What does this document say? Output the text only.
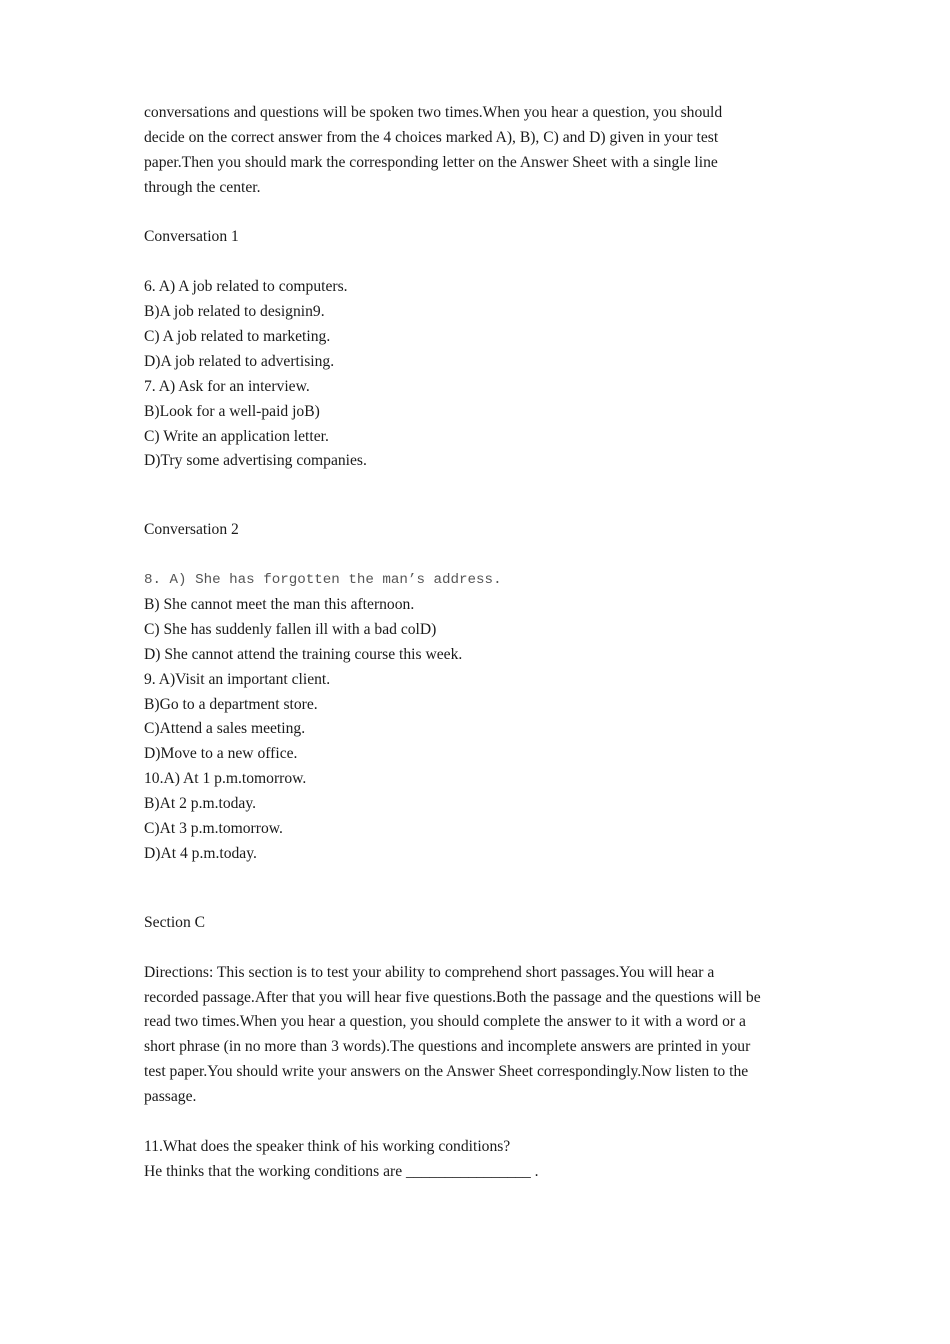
conversations and questions will be spoken two times.When you hear a question, you should
decide on the correct answer from the 4 choices marked A), B), C) and D) given in your test
paper.Then you should mark the corresponding letter on the Answer Sheet with a single line
through the center.
Conversation 1
6. A) A job related to computers.
B)A job related to designin9.
C) A job related to marketing.
D)A job related to advertising.
7. A) Ask for an interview.
B)Look for a well-paid joB)
C) Write an application letter.
D)Try some advertising companies.
Conversation 2
8. A) She has forgotten the man’s address.
B) She cannot meet the man this afternoon.
C) She has suddenly fallen ill with a bad colD)
D) She cannot attend the training course this week.
9. A)Visit an important client.
B)Go to a department store.
C)Attend a sales meeting.
D)Move to a new office.
10.A) At 1 p.m.tomorrow.
B)At 2 p.m.today.
C)At 3 p.m.tomorrow.
D)At 4 p.m.today.
Section C
Directions: This section is to test your ability to comprehend short passages.You will hear a
recorded passage.After that you will hear five questions.Both the passage and the questions will be
read two times.When you hear a question, you should complete the answer to it with a word or a
short phrase (in no more than 3 words).The questions and incomplete answers are printed in your
test paper.You should write your answers on the Answer Sheet correspondingly.Now listen to the
passage.
11.What does the speaker think of his working conditions?
He thinks that the working conditions are ________________ .
